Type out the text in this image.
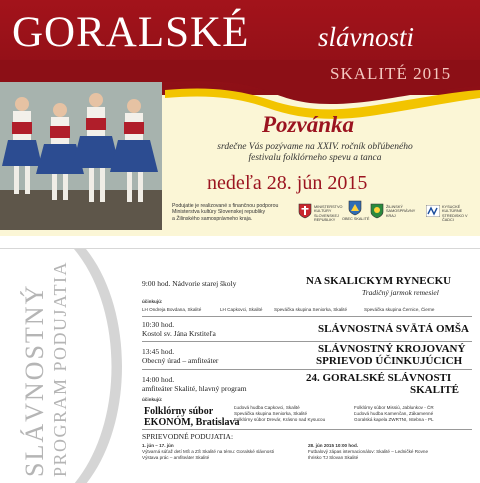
GORALSKÉ	slávnosti
SKALITÉ 2015
Pozvánka
srdečne Vás pozývame na XXIV. ročník obľúbeného
festivalu folklórneho spevu a tanca
nedeľa 28. jún 2015
Podujatie je realizované s finančnou podporou
Ministerstva kultúry Slovenskej republiky
a Žilinského samosprávneho kraja.
MINISTERSTVO KULTÚRY SLOVENSKEJ REPUBLIKY	OBEC SKALITÉ
ŽILINSKÝ SAMOSPRÁVNY KRAJ
KYSUCKÉ KULTÚRNE STREDISKO V ČADCI
SLÁVNOSTNÝ PROGRAM PODUJATIA	9:00 hod. Nádvorie starej školy	NA SKALICKYM RYNECKU
Tradičný jarmok remesiel
účinkujú:
LH Ondreja Bovdana, Skalité	LH Capkovci, Skalité	Speváčka skupina Seniorka, Skalité	Speváčka skupina Černice, Čierne
10:30 hod.
Kostol sv. Jána Krstiteľa	SLÁVNOSTNÁ SVÄTÁ OMŠA
13:45 hod.
Obecný úrad – amfiteáter
SLÁVNOSTNÝ KROJOVANÝ
SPRIEVOD ÚČINKUJÚCICH
14:00 hod.
amfiteáter Skalité, hlavný program
24. GORALSKÉ SLÁVNOSTI
SKALITÉ
účinkujú:
Folklórny súbor
EKONÓM, Bratislava
Ľudová hudba Capkovci, Skalité
Speváčka skupina Seniorka, Skalité
Folklórny súbor Drevár, Krásno nad Kysucou
Folklórny súbor Missiú, Jablunkov - ČR
Ľudová hudba Kamenčan, Zákamenné
Goralská kapela ZWRTNI, Istebna - PL
SPRIEVODNÉ PODUJATIA:
1. jún – 17. jún
Výtvarná súťaž detí MŠ a ZŠ Skalité na tému: Goralské slávnosti
Výstava prác – amfiteáter Skalité
28. jún 2015 10:00 hod.
Futbalový zápas internacionálov: Skalité – Ledničké Rovne
Ihrisko TJ Slovan Skalité
